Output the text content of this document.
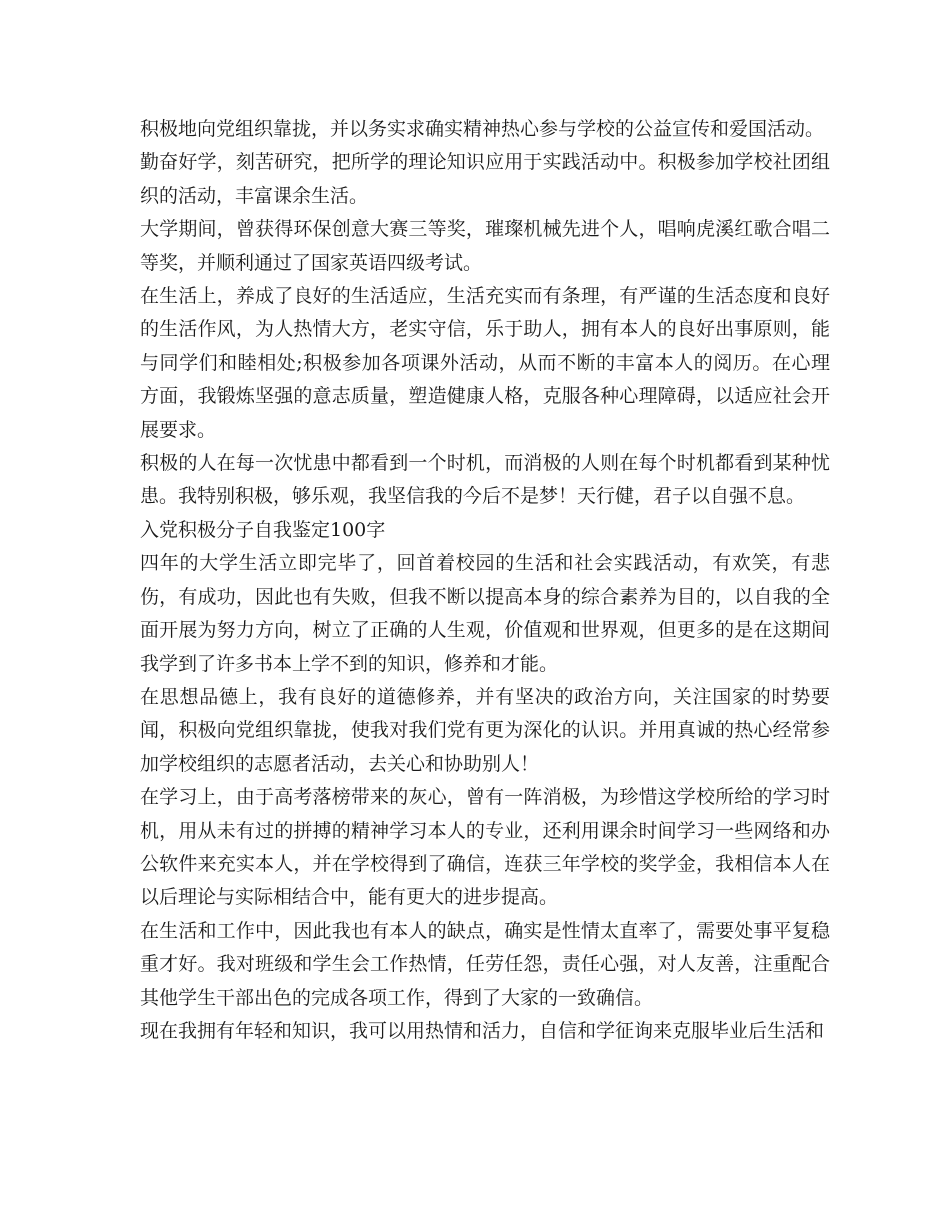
积极地向党组织靠拢，并以务实求确实精神热心参与学校的公益宣传和爱国活动。

勤奋好学，刻苦研究，把所学的理论知识应用于实践活动中。积极参加学校社团组织的活动，丰富课余生活。

大学期间，曾获得环保创意大赛三等奖，璀璨机械先进个人，唱响虎溪红歌合唱二等奖，并顺利通过了国家英语四级考试。

在生活上，养成了良好的生活适应，生活充实而有条理，有严谨的生活态度和良好的生活作风，为人热情大方，老实守信，乐于助人，拥有本人的良好出事原则，能与同学们和睦相处;积极参加各项课外活动，从而不断的丰富本人的阅历。在心理方面，我锻炼坚强的意志质量，塑造健康人格，克服各种心理障碍，以适应社会开展要求。

积极的人在每一次忧患中都看到一个时机，而消极的人则在每个时机都看到某种忧患。我特别积极，够乐观，我坚信我的今后不是梦！天行健，君子以自强不息。

入党积极分子自我鉴定100字

四年的大学生活立即完毕了，回首着校园的生活和社会实践活动，有欢笑，有悲伤，有成功，因此也有失败，但我不断以提高本身的综合素养为目的，以自我的全面开展为努力方向，树立了正确的人生观，价值观和世界观，但更多的是在这期间我学到了许多书本上学不到的知识，修养和才能。

在思想品德上，我有良好的道德修养，并有坚决的政治方向，关注国家的时势要闻，积极向党组织靠拢，使我对我们党有更为深化的认识。并用真诚的热心经常参加学校组织的志愿者活动，去关心和协助别人！

在学习上，由于高考落榜带来的灰心，曾有一阵消极，为珍惜这学校所给的学习时机，用从未有过的拼搏的精神学习本人的专业，还利用课余时间学习一些网络和办公软件来充实本人，并在学校得到了确信，连获三年学校的奖学金，我相信本人在以后理论与实际相结合中，能有更大的进步提高。

在生活和工作中，因此我也有本人的缺点，确实是性情太直率了，需要处事平复稳重才好。我对班级和学生会工作热情，任劳任怨，责任心强，对人友善，注重配合其他学生干部出色的完成各项工作，得到了大家的一致确信。

现在我拥有年轻和知识，我可以用热情和活力，自信和学征询来克服毕业后生活和
